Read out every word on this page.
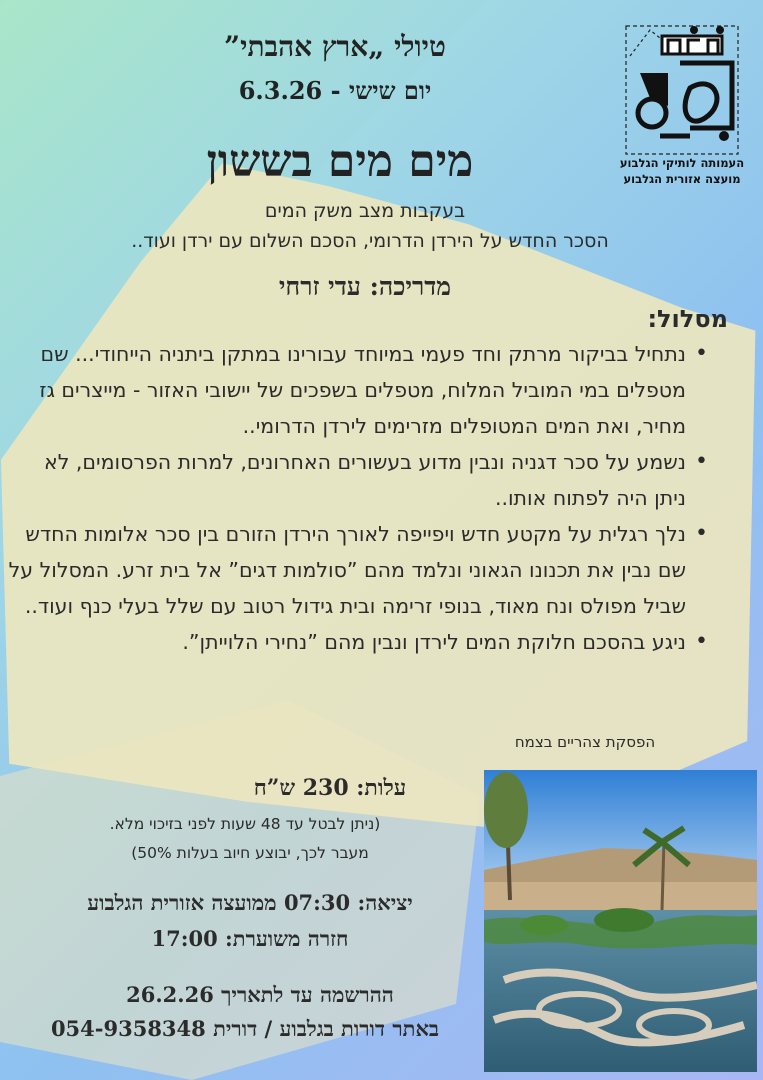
העמותה לותיקי הגלבוע
מועצה אזורית הגלבוע
טיולי „ארץ אהבתי”
יום שישי - 6.3.26
מים מים בששון
בעקבות מצב משק המים
הסכר החדש על הירדן הדרומי, הסכם השלום עם ירדן ועוד..
מדריכה: עדי זרחי
מסלול:
• נתחיל בביקור מרתק וחד פעמי במיוחד עבורינו במתקן ביתניה הייחודי... שם מטפלים במי המוביל המלוח, מטפלים בשפכים של יישובי האזור - מייצרים גז מחיר, ואת המים המטופלים מזרימים לירדן הדרומי..
• נשמע על סכר דגניה ונבין מדוע בעשורים האחרונים, למרות הפרסומים, לא ניתן היה לפתוח אותו..
• נלך רגלית על מקטע חדש ויפייפה לאורך הירדן הזורם בין סכר אלומות החדש שם נבין את תכנונו הגאוני ונלמד מהם ”סולמות דגים” אל בית זרע. המסלול על שביל מפולס ונח מאוד, בנופי זרימה ובית גידול רטוב עם שלל בעלי כנף ועוד..
• ניגע בהסכם חלוקת המים לירדן ונבין מהם ”נחירי הלוייתן”.
הפסקת צהריים בצמח
עלות: 230 ש”ח
(ניתן לבטל עד 48 שעות לפני בזיכוי מלא.
מעבר לכך, יבוצע חיוב בעלות 50%)
יציאה: 07:30 ממועצה אזורית הגלבוע
חזרה משוערת: 17:00
ההרשמה עד לתאריך 26.2.26
באתר דורות בגלבוע / דורית 054-9358348
